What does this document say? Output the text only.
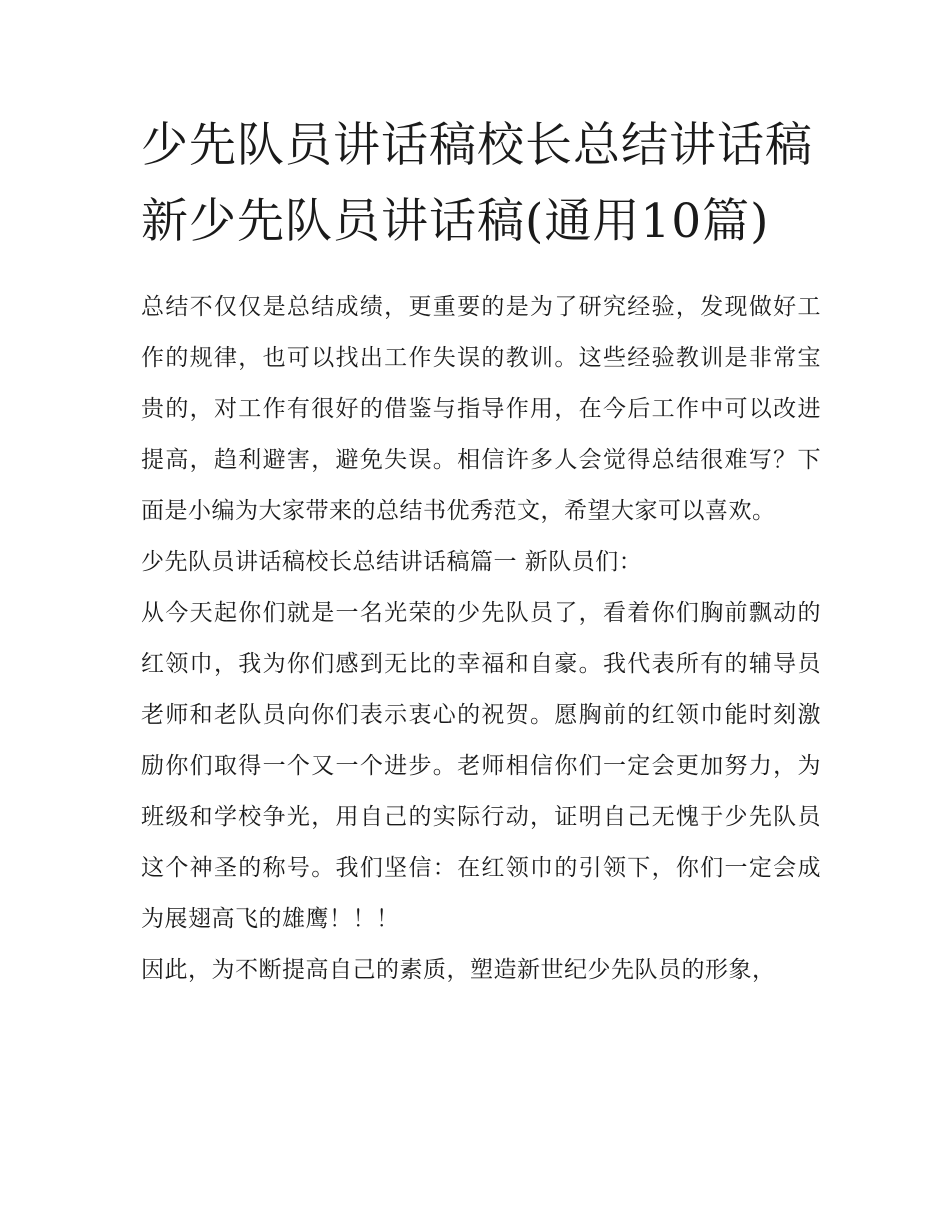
少先队员讲话稿校长总结讲话稿 新少先队员讲话稿(通用10篇)

总结不仅仅是总结成绩，更重要的是为了研究经验，发现做好工作的规律，也可以找出工作失误的教训。这些经验教训是非常宝贵的，对工作有很好的借鉴与指导作用，在今后工作中可以改进提高，趋利避害，避免失误。相信许多人会觉得总结很难写？下面是小编为大家带来的总结书优秀范文，希望大家可以喜欢。

少先队员讲话稿校长总结讲话稿篇一 新队员们：

从今天起你们就是一名光荣的少先队员了，看着你们胸前飘动的红领巾，我为你们感到无比的幸福和自豪。我代表所有的辅导员老师和老队员向你们表示衷心的祝贺。愿胸前的红领巾能时刻激励你们取得一个又一个进步。老师相信你们一定会更加努力，为班级和学校争光，用自己的实际行动，证明自己无愧于少先队员这个神圣的称号。我们坚信：在红领巾的引领下，你们一定会成为展翅高飞的雄鹰！！！

因此，为不断提高自己的素质，塑造新世纪少先队员的形象，
